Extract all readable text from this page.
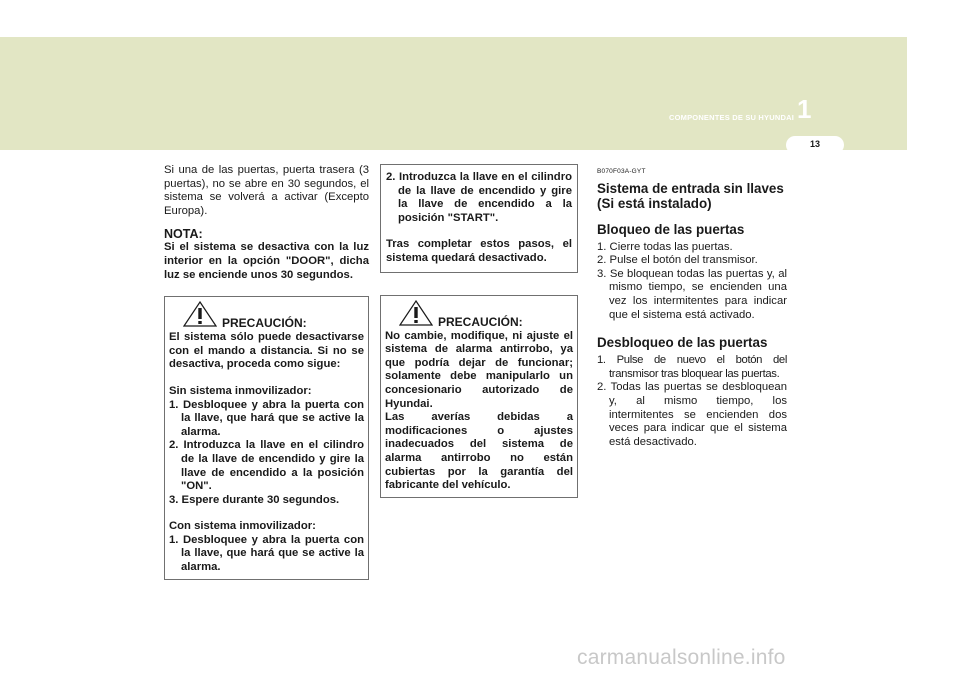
COMPONENTES DE SU HYUNDAI 1
13

Si una de las puertas, puerta trasera (3 puertas), no se abre en 30 segundos, el sistema se volverá a activar (Excepto Europa).

NOTA:

Si el sistema se desactiva con la luz interior en la opción "DOOR", dicha luz se enciende unos 30 segundos.

PRECAUCIÓN:

El sistema sólo puede desactivarse con el mando a distancia. Si no se desactiva, proceda como sigue:

Sin sistema inmovilizador:

1. Desbloquee y abra la puerta con la llave, que hará que se active la alarma.
2. Introduzca la llave en el cilindro de la llave de encendido y gire la llave de encendido a la posición "ON".
3. Espere durante 30 segundos.

Con sistema inmovilizador:

1. Desbloquee y abra la puerta con la llave, que hará que se active la alarma.
2. Introduzca la llave en el cilindro de la llave de encendido y gire la llave de encendido a la posición "START".

Tras completar estos pasos, el sistema quedará desactivado.

PRECAUCIÓN:

No cambie, modifique, ni ajuste el sistema de alarma antirrobo, ya que podría dejar de funcionar; solamente debe manipularlo un concesionario autorizado de Hyundai.

Las averías debidas a modificaciones o ajustes inadecuados del sistema de alarma antirrobo no están cubiertas por la garantía del fabricante del vehículo.

B070F03A-GYT
Sistema de entrada sin llaves (Si está instalado)
Bloqueo de las puertas
1. Cierre todas las puertas.
2. Pulse el botón del transmisor.
3. Se bloquean todas las puertas y, al mismo tiempo, se encienden una vez los intermitentes para indicar que el sistema está activado.
Desbloqueo de las puertas
1. Pulse de nuevo el botón del transmisor tras bloquear las puertas.
2. Todas las puertas se desbloquean y, al mismo tiempo, los intermitentes se encienden dos veces para indicar que el sistema está desactivado.
carmanualsonline.info
